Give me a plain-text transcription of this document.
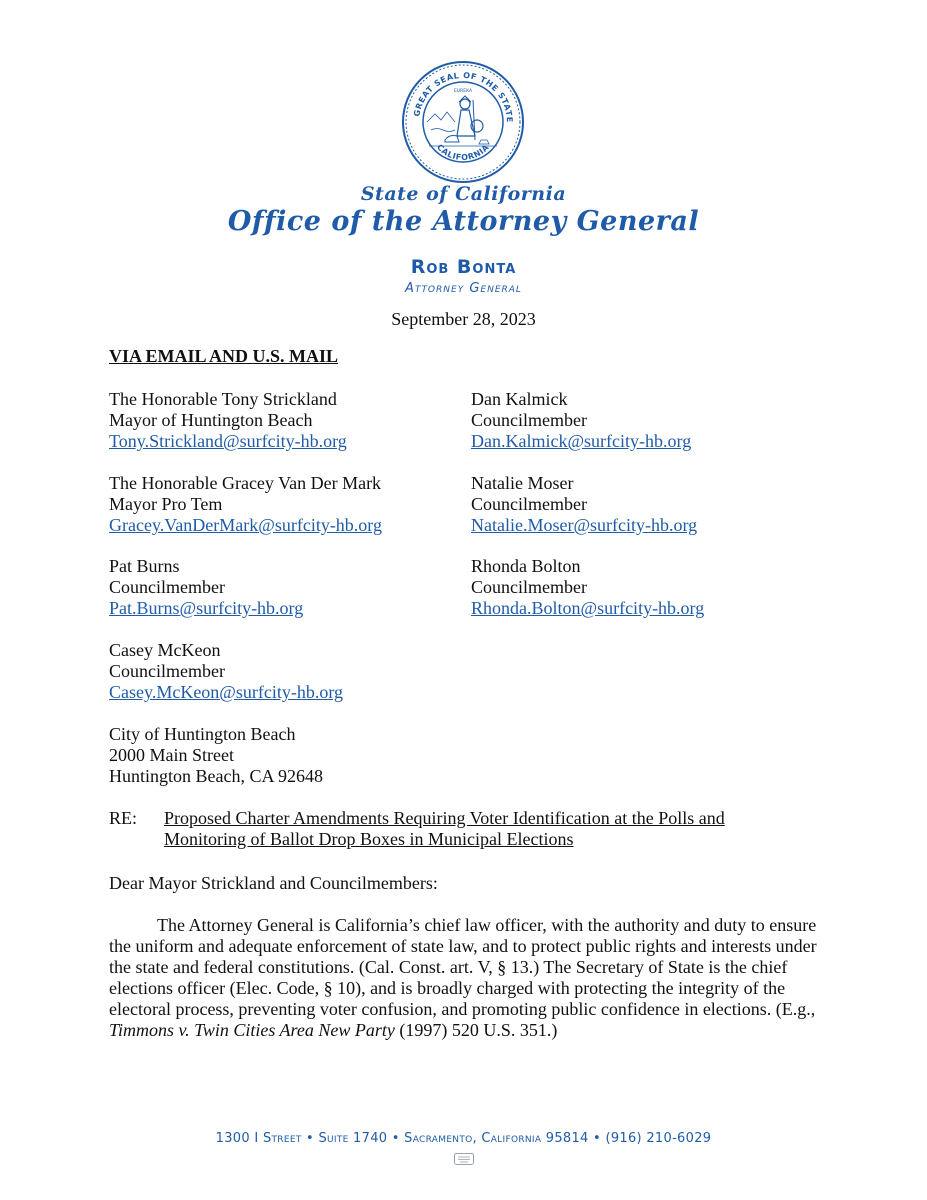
GREAT SEAL OF THE STATE
CALIFORNIA
EUREKA
State of California
Office of the Attorney General
Rob Bonta
Attorney General
September 28, 2023
VIA EMAIL AND U.S. MAIL
The Honorable Tony Strickland
Mayor of Huntington Beach
Tony.Strickland@surfcity-hb.org
The Honorable Gracey Van Der Mark
Mayor Pro Tem
Gracey.VanDerMark@surfcity-hb.org
Pat Burns
Councilmember
Pat.Burns@surfcity-hb.org
Casey McKeon
Councilmember
Casey.McKeon@surfcity-hb.org
Dan Kalmick
Councilmember
Dan.Kalmick@surfcity-hb.org
Natalie Moser
Councilmember
Natalie.Moser@surfcity-hb.org
Rhonda Bolton
Councilmember
Rhonda.Bolton@surfcity-hb.org
City of Huntington Beach
2000 Main Street
Huntington Beach, CA 92648
RE: Proposed Charter Amendments Requiring Voter Identification at the Polls and Monitoring of Ballot Drop Boxes in Municipal Elections
Dear Mayor Strickland and Councilmembers:
The Attorney General is California’s chief law officer, with the authority and duty to ensure the uniform and adequate enforcement of state law, and to protect public rights and interests under the state and federal constitutions. (Cal. Const. art. V, § 13.) The Secretary of State is the chief elections officer (Elec. Code, § 10), and is broadly charged with protecting the integrity of the electoral process, preventing voter confusion, and promoting public confidence in elections. (E.g., Timmons v. Twin Cities Area New Party (1997) 520 U.S. 351.)
1300 I Street • Suite 1740 • Sacramento, California 95814 • (916) 210-6029
